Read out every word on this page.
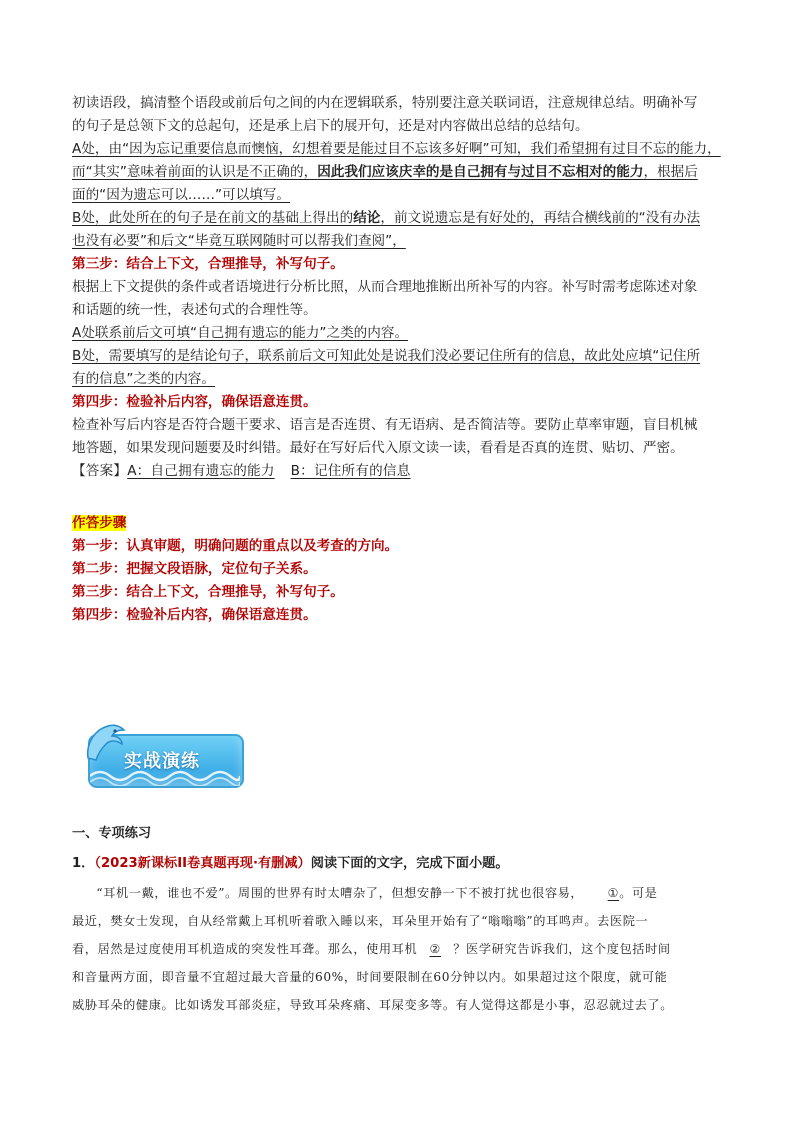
初读语段，搞清整个语段或前后句之间的内在逻辑联系，特别要注意关联词语，注意规律总结。明确补写

的句子是总领下文的总起句，还是承上启下的展开句，还是对内容做出总结的总结句。

A处，由“因为忘记重要信息而懊恼，幻想着要是能过目不忘该多好啊”可知，我们希望拥有过目不忘的能力，

而“其实”意味着前面的认识是不正确的，因此我们应该庆幸的是自己拥有与过目不忘相对的能力，根据后

面的“因为遗忘可以……”可以填写。

B处，此处所在的句子是在前文的基础上得出的结论，前文说遗忘是有好处的，再结合横线前的“没有办法

也没有必要”和后文“毕竟互联网随时可以帮我们查阅”，

第三步：结合上下文，合理推导，补写句子。

根据上下文提供的条件或者语境进行分析比照，从而合理地推断出所补写的内容。补写时需考虑陈述对象

和话题的统一性，表述句式的合理性等。

A处联系前后文可填“自己拥有遗忘的能力”之类的内容。

B处，需要填写的是结论句子，联系前后文可知此处是说我们没必要记住所有的信息，故此处应填“记住所

有的信息”之类的内容。

第四步：检验补后内容，确保语意连贯。

检查补写后内容是否符合题干要求、语言是否连贯、有无语病、是否简洁等。要防止草率审题，盲目机械

地答题，如果发现问题要及时纠错。最好在写好后代入原文读一读，看看是否真的连贯、贴切、严密。

【答案】A：自己拥有遗忘的能力 B：记住所有的信息

作答步骤

第一步：认真审题，明确问题的重点以及考查的方向。

第二步：把握文段语脉，定位句子关系。

第三步：结合上下文，合理推导，补写句子。

第四步：检验补后内容，确保语意连贯。

实战演练

一、专项练习

1．（2023新课标II卷真题再现·有删减）阅读下面的文字，完成下面小题。

“耳机一戴，谁也不爱”。周围的世界有时太嘈杂了，但想安静一下不被打扰也很容易， ①。可是

最近，樊女士发现，自从经常戴上耳机听着歌入睡以来，耳朵里开始有了“嗡嗡嗡”的耳鸣声。去医院一

看，居然是过度使用耳机造成的突发性耳聋。那么，使用耳机 ② ？医学研究告诉我们，这个度包括时间

和音量两方面，即音量不宜超过最大音量的60%，时间要限制在60分钟以内。如果超过这个限度，就可能

威胁耳朵的健康。比如诱发耳部炎症，导致耳朵疼痛、耳屎变多等。有人觉得这都是小事，忍忍就过去了。
